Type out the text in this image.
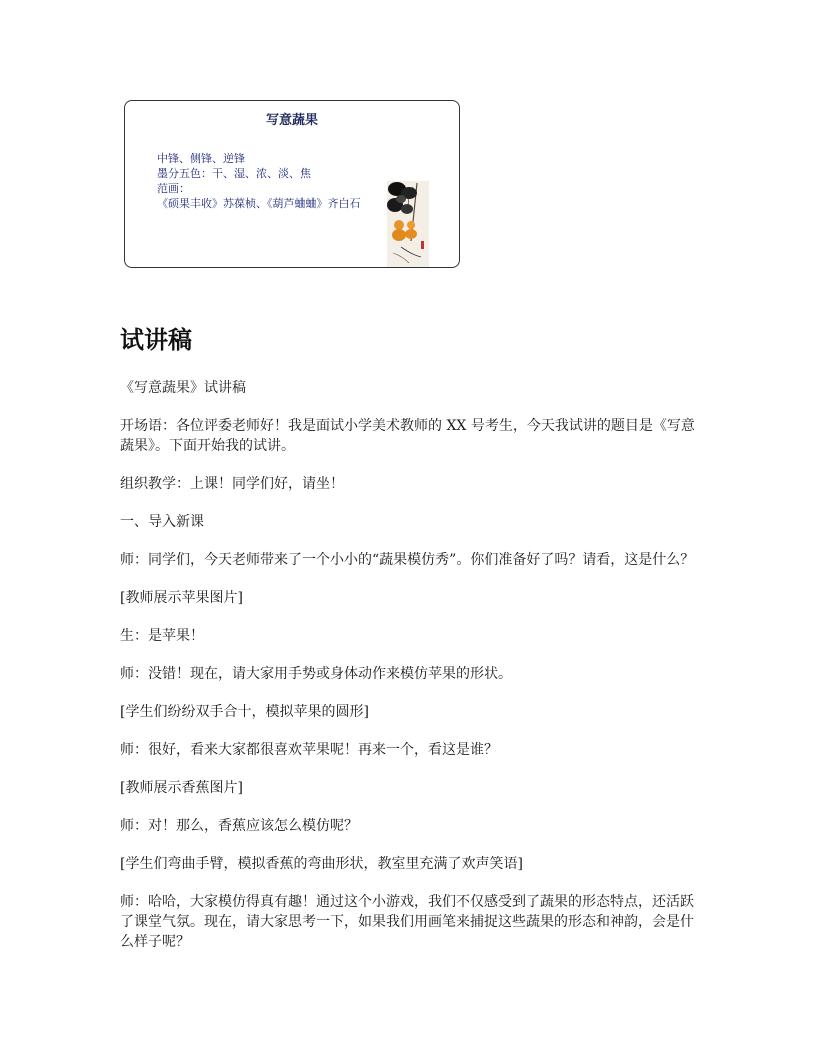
写意蔬果
中锋、侧锋、逆锋
墨分五色：干、湿、浓、淡、焦
范画：
《硕果丰收》苏葆桢、《葫芦蛐蛐》齐白石
试讲稿

《写意蔬果》试讲稿

开场语：各位评委老师好！我是面试小学美术教师的 XX 号考生，今天我试讲的题目是《写意蔬果》。下面开始我的试讲。

组织教学：上课！同学们好，请坐！

一、导入新课

师：同学们，今天老师带来了一个小小的“蔬果模仿秀”。你们准备好了吗？请看，这是什么？

[教师展示苹果图片]

生：是苹果！

师：没错！现在，请大家用手势或身体动作来模仿苹果的形状。

[学生们纷纷双手合十，模拟苹果的圆形]

师：很好，看来大家都很喜欢苹果呢！再来一个，看这是谁？

[教师展示香蕉图片]

师：对！那么，香蕉应该怎么模仿呢？

[学生们弯曲手臂，模拟香蕉的弯曲形状，教室里充满了欢声笑语]

师：哈哈，大家模仿得真有趣！通过这个小游戏，我们不仅感受到了蔬果的形态特点，还活跃了课堂气氛。现在，请大家思考一下，如果我们用画笔来捕捉这些蔬果的形态和神韵，会是什么样子呢？
